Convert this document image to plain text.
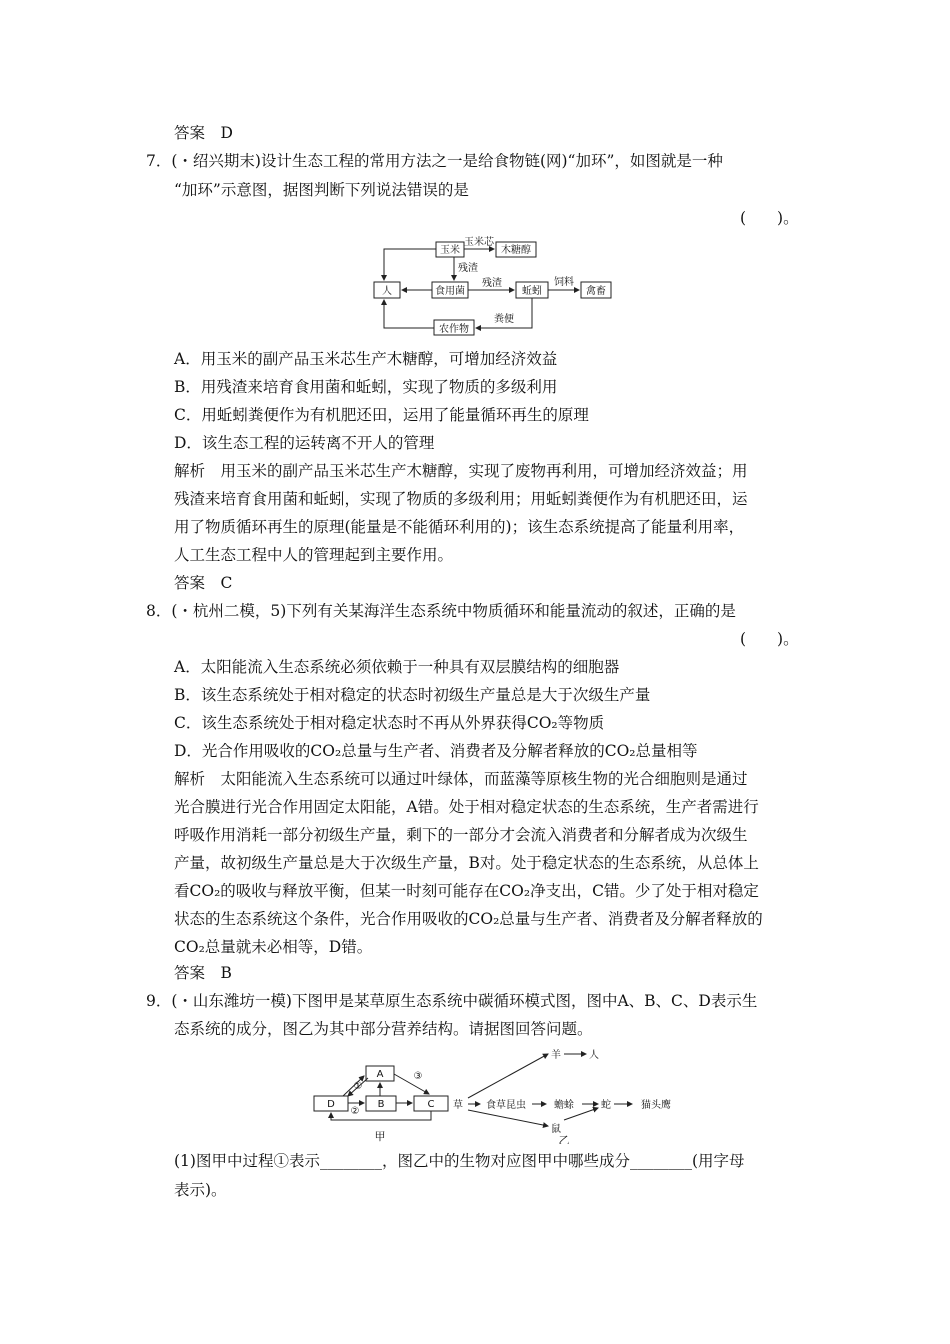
答案　D
7．(・绍兴期末)设计生态工程的常用方法之一是给食物链(网)“加环”，如图就是一种
“加环”示意图，据图判断下列说法错误的是
(　　)。
玉米
玉米芯
木糖醇
残渣
残渣
人	食用菌	蚯蚓
饲料
禽畜
粪便
农作物
A．用玉米的副产品玉米芯生产木糖醇，可增加经济效益
B．用残渣来培育食用菌和蚯蚓，实现了物质的多级利用
C．用蚯蚓粪便作为有机肥还田，运用了能量循环再生的原理
D．该生态工程的运转离不开人的管理
解析　用玉米的副产品玉米芯生产木糖醇，实现了废物再利用，可增加经济效益；用
残渣来培育食用菌和蚯蚓，实现了物质的多级利用；用蚯蚓粪便作为有机肥还田，运
用了物质循环再生的原理(能量是不能循环利用的)；该生态系统提高了能量利用率，
人工生态工程中人的管理起到主要作用。
答案　C
8．(・杭州二模，5)下列有关某海洋生态系统中物质循环和能量流动的叙述，正确的是
(　　)。
A．太阳能流入生态系统必须依赖于一种具有双层膜结构的细胞器
B．该生态系统处于相对稳定的状态时初级生产量总是大于次级生产量
C．该生态系统处于相对稳定状态时不再从外界获得CO₂等物质
D．光合作用吸收的CO₂总量与生产者、消费者及分解者释放的CO₂总量相等
解析　太阳能流入生态系统可以通过叶绿体，而蓝藻等原核生物的光合细胞则是通过
光合膜进行光合作用固定太阳能，A错。处于相对稳定状态的生态系统，生产者需进行
呼吸作用消耗一部分初级生产量，剩下的一部分才会流入消费者和分解者成为次级生
产量，故初级生产量总是大于次级生产量，B对。处于稳定状态的生态系统，从总体上
看CO₂的吸收与释放平衡，但某一时刻可能存在CO₂净支出，C错。少了处于相对稳定
状态的生态系统这个条件，光合作用吸收的CO₂总量与生产者、消费者及分解者释放的
CO₂总量就未必相等，D错。
答案　B
9．(・山东潍坊一模)下图甲是某草原生态系统中碳循环模式图，图中A、B、C、D表示生
态系统的成分，图乙为其中部分营养结构。请据图回答问题。
A
D	B	C
①
②
③
甲
草
羊	人
食草昆虫	蟾蜍	蛇	猫头鹰
鼠
乙
(1)图甲中过程①表示________，图乙中的生物对应图甲中哪些成分________(用字母
表示)。
